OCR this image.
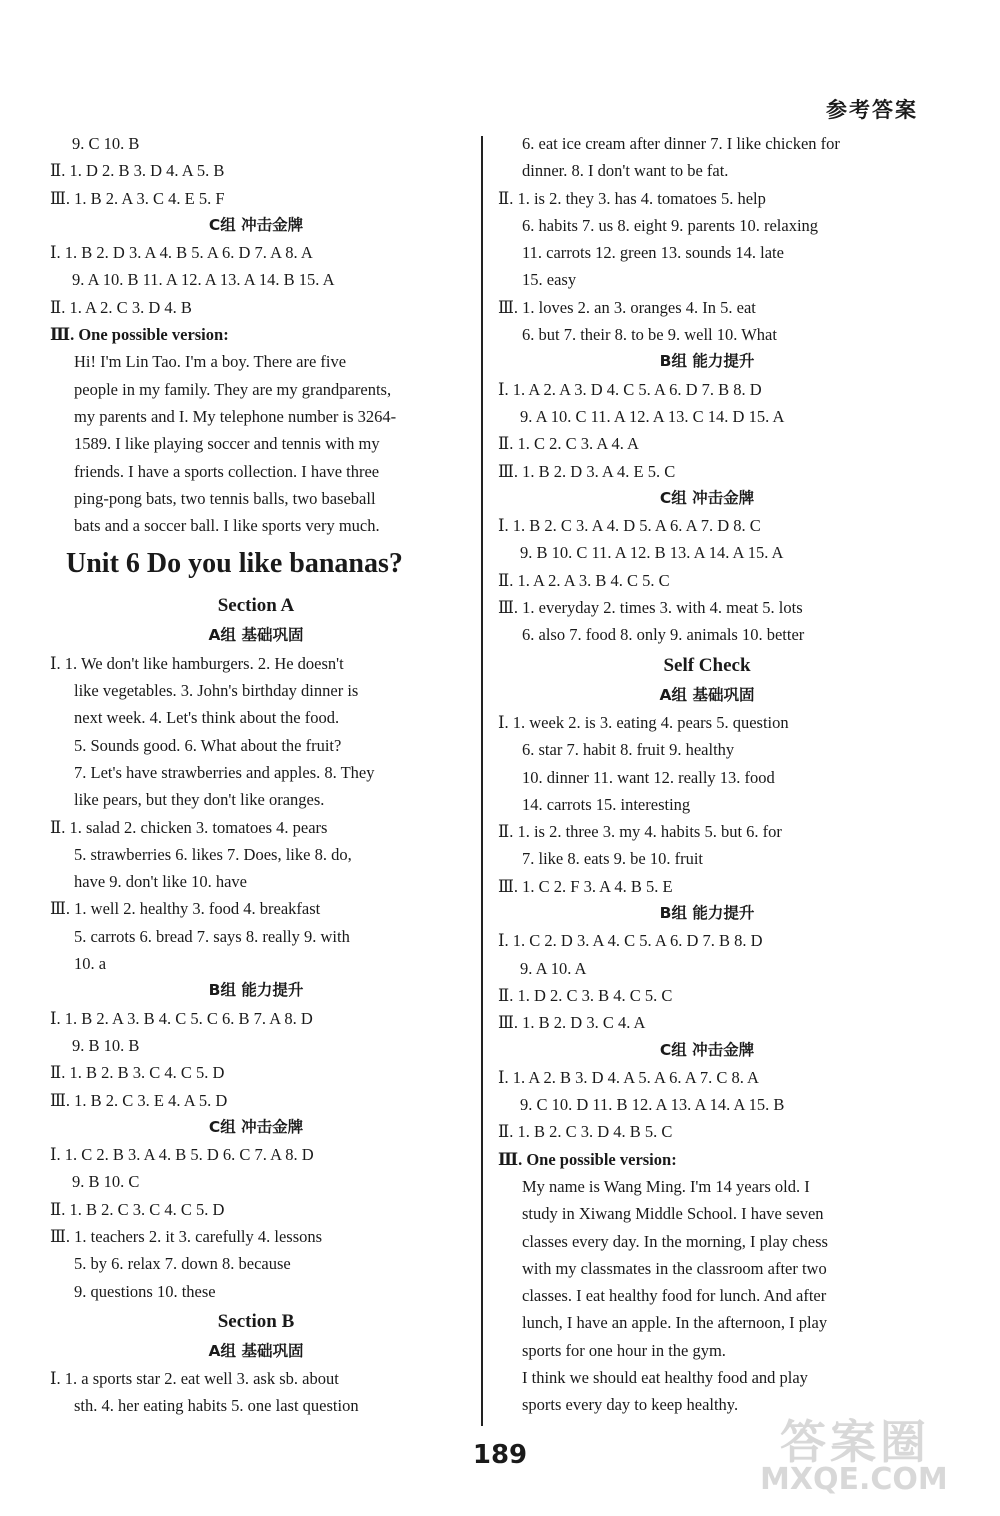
参考答案
9. C 10. B
Ⅱ. 1. D 2. B 3. D 4. A 5. B
Ⅲ. 1. B 2. A 3. C 4. E 5. F
C组 冲击金牌
Ⅰ. 1. B 2. D 3. A 4. B 5. A 6. D 7. A 8. A
9. A 10. B 11. A 12. A 13. A 14. B 15. A
Ⅱ. 1. A 2. C 3. D 4. B
Ⅲ. One possible version:
Hi! I'm Lin Tao. I'm a boy. There are five
people in my family. They are my grandparents,
my parents and I. My telephone number is 3264-
1589. I like playing soccer and tennis with my
friends. I have a sports collection. I have three
ping-pong bats, two tennis balls, two baseball
bats and a soccer ball. I like sports very much.
Unit 6 Do you like bananas?
Section A
A组 基础巩固
Ⅰ. 1. We don't like hamburgers. 2. He doesn't
like vegetables. 3. John's birthday dinner is
next week. 4. Let's think about the food.
5. Sounds good. 6. What about the fruit?
7. Let's have strawberries and apples. 8. They
like pears, but they don't like oranges.
Ⅱ. 1. salad 2. chicken 3. tomatoes 4. pears
5. strawberries 6. likes 7. Does, like 8. do,
have 9. don't like 10. have
Ⅲ. 1. well 2. healthy 3. food 4. breakfast
5. carrots 6. bread 7. says 8. really 9. with
10. a
B组 能力提升
Ⅰ. 1. B 2. A 3. B 4. C 5. C 6. B 7. A 8. D
9. B 10. B
Ⅱ. 1. B 2. B 3. C 4. C 5. D
Ⅲ. 1. B 2. C 3. E 4. A 5. D
C组 冲击金牌
Ⅰ. 1. C 2. B 3. A 4. B 5. D 6. C 7. A 8. D
9. B 10. C
Ⅱ. 1. B 2. C 3. C 4. C 5. D
Ⅲ. 1. teachers 2. it 3. carefully 4. lessons
5. by 6. relax 7. down 8. because
9. questions 10. these
Section B
A组 基础巩固
Ⅰ. 1. a sports star 2. eat well 3. ask sb. about
sth. 4. her eating habits 5. one last question
6. eat ice cream after dinner 7. I like chicken for
dinner. 8. I don't want to be fat.
Ⅱ. 1. is 2. they 3. has 4. tomatoes 5. help
6. habits 7. us 8. eight 9. parents 10. relaxing
11. carrots 12. green 13. sounds 14. late
15. easy
Ⅲ. 1. loves 2. an 3. oranges 4. In 5. eat
6. but 7. their 8. to be 9. well 10. What
B组 能力提升
Ⅰ. 1. A 2. A 3. D 4. C 5. A 6. D 7. B 8. D
9. A 10. C 11. A 12. A 13. C 14. D 15. A
Ⅱ. 1. C 2. C 3. A 4. A
Ⅲ. 1. B 2. D 3. A 4. E 5. C
C组 冲击金牌
Ⅰ. 1. B 2. C 3. A 4. D 5. A 6. A 7. D 8. C
9. B 10. C 11. A 12. B 13. A 14. A 15. A
Ⅱ. 1. A 2. A 3. B 4. C 5. C
Ⅲ. 1. everyday 2. times 3. with 4. meat 5. lots
6. also 7. food 8. only 9. animals 10. better
Self Check
A组 基础巩固
Ⅰ. 1. week 2. is 3. eating 4. pears 5. question
6. star 7. habit 8. fruit 9. healthy
10. dinner 11. want 12. really 13. food
14. carrots 15. interesting
Ⅱ. 1. is 2. three 3. my 4. habits 5. but 6. for
7. like 8. eats 9. be 10. fruit
Ⅲ. 1. C 2. F 3. A 4. B 5. E
B组 能力提升
Ⅰ. 1. C 2. D 3. A 4. C 5. A 6. D 7. B 8. D
9. A 10. A
Ⅱ. 1. D 2. C 3. B 4. C 5. C
Ⅲ. 1. B 2. D 3. C 4. A
C组 冲击金牌
Ⅰ. 1. A 2. B 3. D 4. A 5. A 6. A 7. C 8. A
9. C 10. D 11. B 12. A 13. A 14. A 15. B
Ⅱ. 1. B 2. C 3. D 4. B 5. C
Ⅲ. One possible version:
My name is Wang Ming. I'm 14 years old. I
study in Xiwang Middle School. I have seven
classes every day. In the morning, I play chess
with my classmates in the classroom after two
classes. I eat healthy food for lunch. And after
lunch, I have an apple. In the afternoon, I play
sports for one hour in the gym.
I think we should eat healthy food and play
sports every day to keep healthy.
189	答案圈
MXQE.COM
